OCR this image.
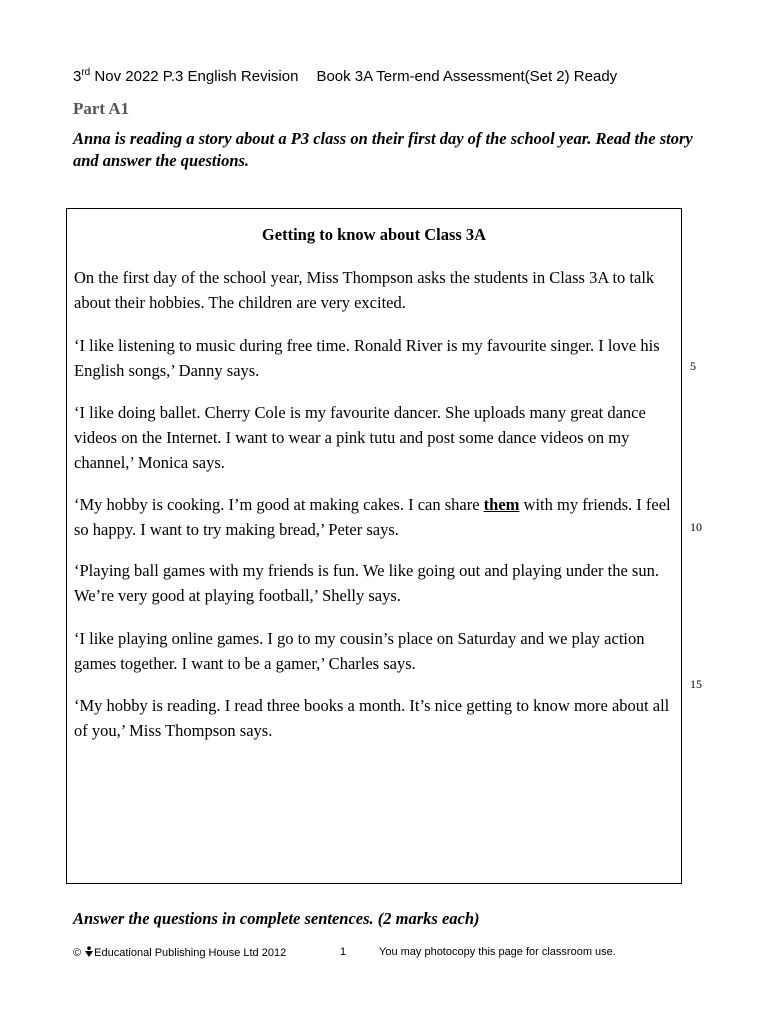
3rd Nov 2022 P.3 English Revision Book 3A Term-end Assessment(Set 2) Ready
Part A1
Anna is reading a story about a P3 class on their first day of the school year. Read the story and answer the questions.
Getting to know about Class 3A
On the first day of the school year, Miss Thompson asks the students in Class 3A to talk about their hobbies. The children are very excited.
‘I like listening to music during free time. Ronald River is my favourite singer. I love his English songs,’ Danny says.
‘I like doing ballet. Cherry Cole is my favourite dancer. She uploads many great dance videos on the Internet. I want to wear a pink tutu and post some dance videos on my channel,’ Monica says.
‘My hobby is cooking. I’m good at making cakes. I can share them with my friends. I feel so happy. I want to try making bread,’ Peter says.
‘Playing ball games with my friends is fun. We like going out and playing under the sun. We’re very good at playing football,’ Shelly says.
‘I like playing online games. I go to my cousin’s place on Saturday and we play action games together. I want to be a gamer,’ Charles says.
‘My hobby is reading. I read three books a month. It’s nice getting to know more about all of you,’ Miss Thompson says.
5
10
15
Answer the questions in complete sentences. (2 marks each)
© Educational Publishing House Ltd 2012	1	You may photocopy this page for classroom use.
